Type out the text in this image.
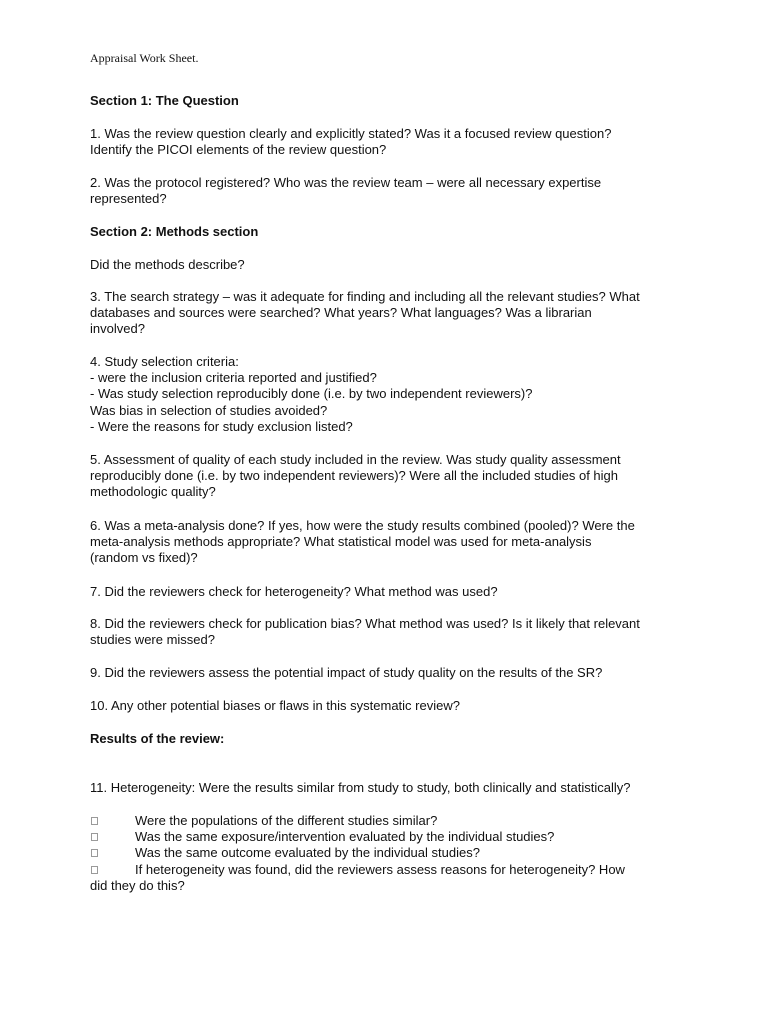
Appraisal Work Sheet.
Section 1: The Question
1. Was the review question clearly and explicitly stated? Was it a focused review question?
Identify the PICOI elements of the review question?
2. Was the protocol registered? Who was the review team – were all necessary expertise
represented?
Section 2: Methods section
Did the methods describe?
3. The search strategy – was it adequate for finding and including all the relevant studies? What
databases and sources were searched? What years? What languages? Was a librarian
involved?
4. Study selection criteria:
- were the inclusion criteria reported and justified?
- Was study selection reproducibly done (i.e. by two independent reviewers)?
Was bias in selection of studies avoided?
- Were the reasons for study exclusion listed?
5. Assessment of quality of each study included in the review. Was study quality assessment
reproducibly done (i.e. by two independent reviewers)? Were all the included studies of high
methodologic quality?
6. Was a meta-analysis done? If yes, how were the study results combined (pooled)? Were the
meta-analysis methods appropriate? What statistical model was used for meta-analysis
(random vs fixed)?
7. Did the reviewers check for heterogeneity? What method was used?
8. Did the reviewers check for publication bias? What method was used? Is it likely that relevant
studies were missed?
9. Did the reviewers assess the potential impact of study quality on the results of the SR?
10. Any other potential biases or flaws in this systematic review?
Results of the review:
11. Heterogeneity: Were the results similar from study to study, both clinically and statistically?
Were the populations of the different studies similar?
Was the same exposure/intervention evaluated by the individual studies?
Was the same outcome evaluated by the individual studies?
If heterogeneity was found, did the reviewers assess reasons for heterogeneity? How
did they do this?
